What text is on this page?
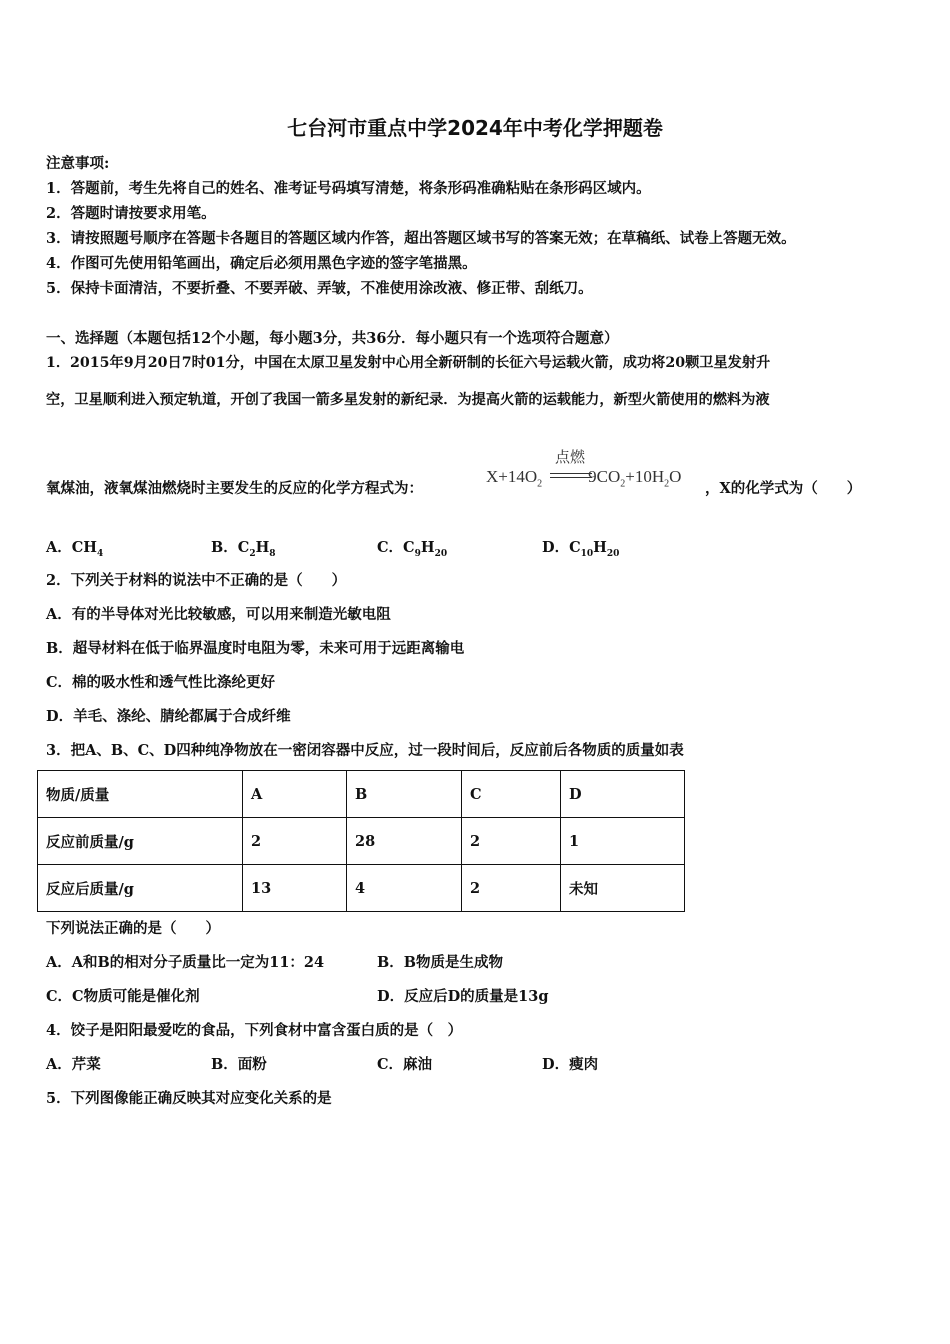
七台河市重点中学2024年中考化学押题卷
注意事项:
1．答题前，考生先将自己的姓名、准考证号码填写清楚，将条形码准确粘贴在条形码区域内。
2．答题时请按要求用笔。
3．请按照题号顺序在答题卡各题目的答题区域内作答，超出答题区域书写的答案无效；在草稿纸、试卷上答题无效。
4．作图可先使用铅笔画出，确定后必须用黑色字迹的签字笔描黑。
5．保持卡面清洁，不要折叠、不要弄破、弄皱，不准使用涂改液、修正带、刮纸刀。
一、选择题（本题包括12个小题，每小题3分，共36分．每小题只有一个选项符合题意）
1．2015年9月20日7时01分，中国在太原卫星发射中心用全新研制的长征六号运载火箭，成功将20颗卫星发射升
空，卫星顺利进入预定轨道，开创了我国一箭多星发射的新纪录．为提高火箭的运载能力，新型火箭使用的燃料为液
氧煤油，液氧煤油燃烧时主要发生的反应的化学方程式为：
$X+14O_2$	$9CO_2+10H_2O$
点燃
，X的化学式为（　　）
A．$CH_4$	B．$C_2H_8$	C．$C_9H_{20}$	D．$C_{10}H_{20}$
2．下列关于材料的说法中不正确的是（　　）
A．有的半导体对光比较敏感，可以用来制造光敏电阻
B．超导材料在低于临界温度时电阻为零，未来可用于远距离输电
C．棉的吸水性和透气性比涤纶更好
D．羊毛、涤纶、腈纶都属于合成纤维
3．把A、B、C、D四种纯净物放在一密闭容器中反应，过一段时间后，反应前后各物质的质量如表
物质/质量	A	B	C	D
反应前质量/g	2	28	2	1
反应后质量/g	13	4	2	未知
下列说法正确的是（　　）
A．A和B的相对分子质量比一定为11：24	B．B物质是生成物
C．C物质可能是催化剂	D．反应后D的质量是13g
4．饺子是阳阳最爱吃的食品，下列食材中富含蛋白质的是（　）
A．芹菜	B．面粉	C．麻油	D．瘦肉
5．下列图像能正确反映其对应变化关系的是
